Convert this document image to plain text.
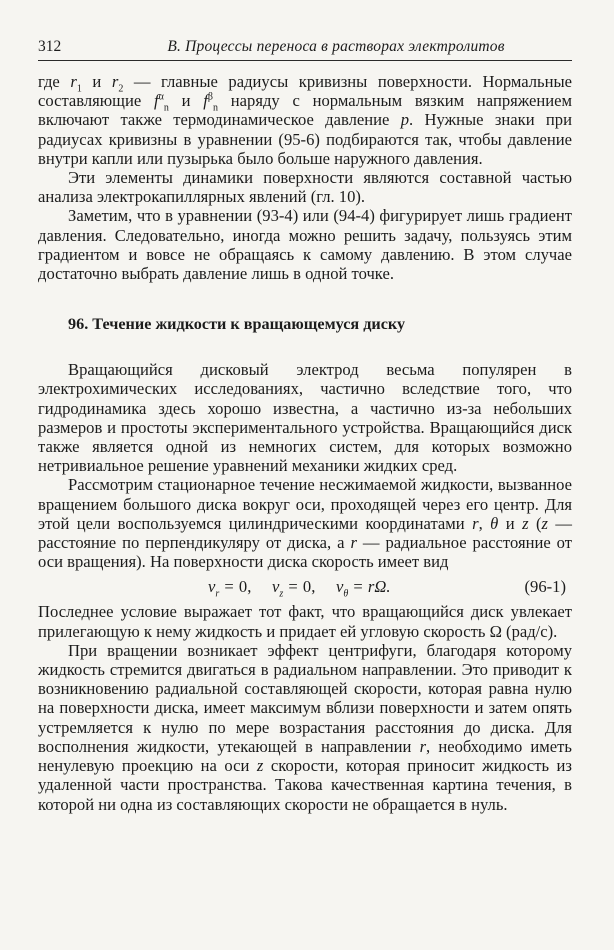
312	В. Процессы переноса в растворах электролитов

где $r_1$ и $r_2$ — главные радиусы кривизны поверхности. Нормальные составляющие $f^\alpha_n$ и $f^\beta_n$ наряду с нормальным вязким напряжением включают также термодинамическое давление p. Нужные знаки при радиусах кривизны в уравнении (95-6) подбираются так, чтобы давление внутри капли или пузырька было больше наружного давления.

Эти элементы динамики поверхности являются составной частью анализа электрокапиллярных явлений (гл. 10).

Заметим, что в уравнении (93-4) или (94-4) фигурирует лишь градиент давления. Следовательно, иногда можно решить задачу, пользуясь этим градиентом и вовсе не обращаясь к самому давлению. В этом случае достаточно выбрать давление лишь в одной точке.

96. Течение жидкости к вращающемуся диску

Вращающийся дисковый электрод весьма популярен в электрохимических исследованиях, частично вследствие того, что гидродинамика здесь хорошо известна, а частично из-за небольших размеров и простоты экспериментального устройства. Вращающийся диск также является одной из немногих систем, для которых возможно нетривиальное решение уравнений механики жидких сред.

Рассмотрим стационарное течение несжимаемой жидкости, вызванное вращением большого диска вокруг оси, проходящей через его центр. Для этой цели воспользуемся цилиндрическими координатами r, θ и z (z — расстояние по перпендикуляру от диска, а r — радиальное расстояние от оси вращения). На поверхности диска скорость имеет вид

$v_r = 0$, $v_z = 0$, $v_\theta = r\Omega$.	(96-1)

Последнее условие выражает тот факт, что вращающийся диск увлекает прилегающую к нему жидкость и придает ей угловую скорость Ω (рад/с).

При вращении возникает эффект центрифуги, благодаря которому жидкость стремится двигаться в радиальном направлении. Это приводит к возникновению радиальной составляющей скорости, которая равна нулю на поверхности диска, имеет максимум вблизи поверхности и затем опять устремляется к нулю по мере возрастания расстояния до диска. Для восполнения жидкости, утекающей в направлении r, необходимо иметь ненулевую проекцию на оси z скорости, которая приносит жидкость из удаленной части пространства. Такова качественная картина течения, в которой ни одна из составляющих скорости не обращается в нуль.
